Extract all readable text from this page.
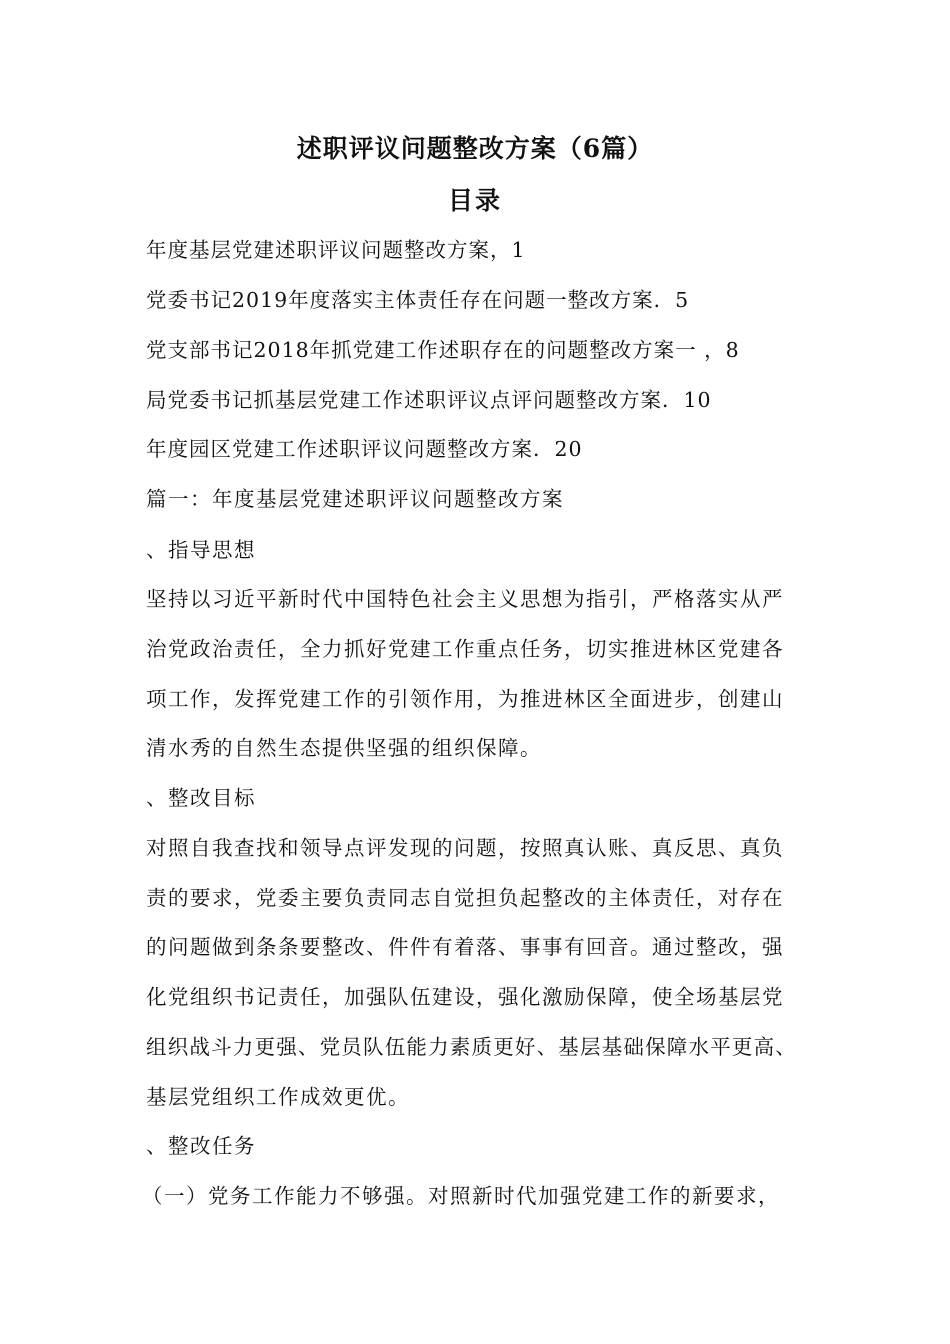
述职评议问题整改方案（6篇）
目录
年度基层党建述职评议问题整改方案，1
党委书记2019年度落实主体责任存在问题一整改方案．5
党支部书记2018年抓党建工作述职存在的问题整改方案一 ，8
局党委书记抓基层党建工作述职评议点评问题整改方案．10
年度园区党建工作述职评议问题整改方案．20
篇一：年度基层党建述职评议问题整改方案
、指导思想
坚持以习近平新时代中国特色社会主义思想为指引，严格落实从严
治党政治责任，全力抓好党建工作重点任务，切实推进林区党建各
项工作，发挥党建工作的引领作用，为推进林区全面进步，创建山
清水秀的自然生态提供坚强的组织保障。
、整改目标
对照自我查找和领导点评发现的问题，按照真认账、真反思、真负
责的要求，党委主要负责同志自觉担负起整改的主体责任，对存在
的问题做到条条要整改、件件有着落、事事有回音。通过整改，强
化党组织书记责任，加强队伍建设，强化激励保障，使全场基层党
组织战斗力更强、党员队伍能力素质更好、基层基础保障水平更高、
基层党组织工作成效更优。
、整改任务
（一）党务工作能力不够强。对照新时代加强党建工作的新要求，
